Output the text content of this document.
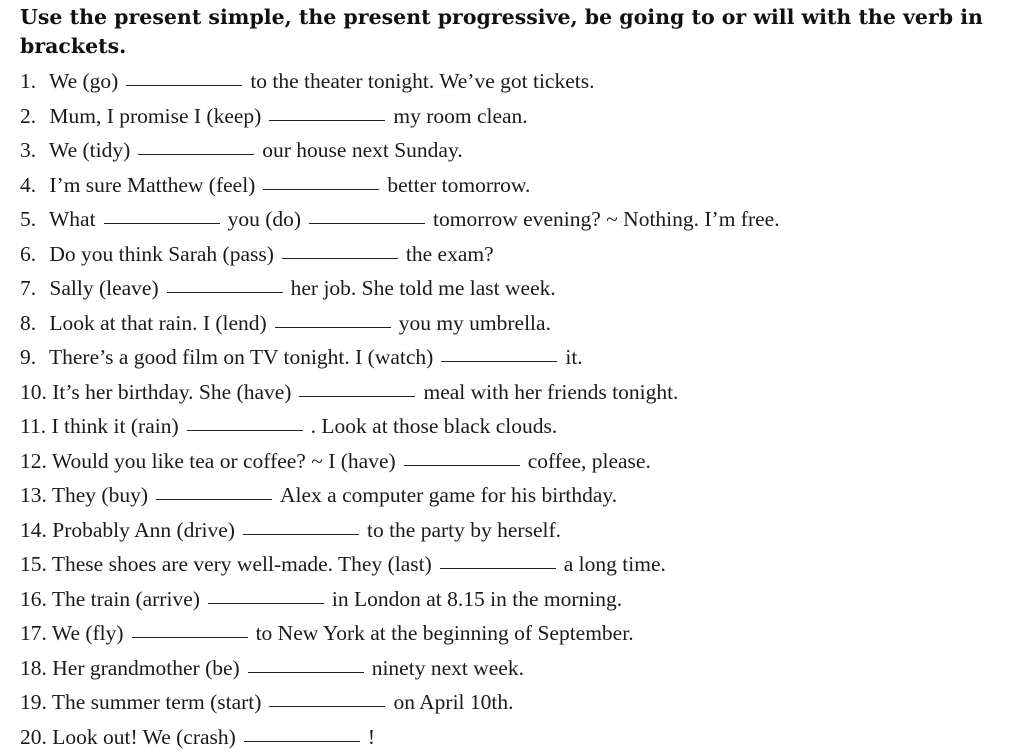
Use the present simple, the present progressive, be going to or will with the verb in brackets.

1. We (go)	to the theater tonight. We’ve got tickets.
2. Mum, I promise I (keep)	my room clean.
3. We (tidy)	our house next Sunday.
4. I’m sure Matthew (feel)	better tomorrow.
5. What	you (do)	tomorrow evening? ~ Nothing. I’m free.
6. Do you think Sarah (pass)	the exam?
7. Sally (leave)	her job. She told me last week.
8. Look at that rain. I (lend)	you my umbrella.
9. There’s a good film on TV tonight. I (watch)	it.
10. It’s her birthday. She (have)	meal with her friends tonight.
11. I think it (rain)	. Look at those black clouds.
12. Would you like tea or coffee? ~ I (have)	coffee, please.
13. They (buy)	Alex a computer game for his birthday.
14. Probably Ann (drive)	to the party by herself.
15. These shoes are very well-made. They (last)	a long time.
16. The train (arrive)	in London at 8.15 in the morning.
17. We (fly)	to New York at the beginning of September.
18. Her grandmother (be)	ninety next week.
19. The summer term (start)	on April 10th.
20. Look out! We (crash)	!
